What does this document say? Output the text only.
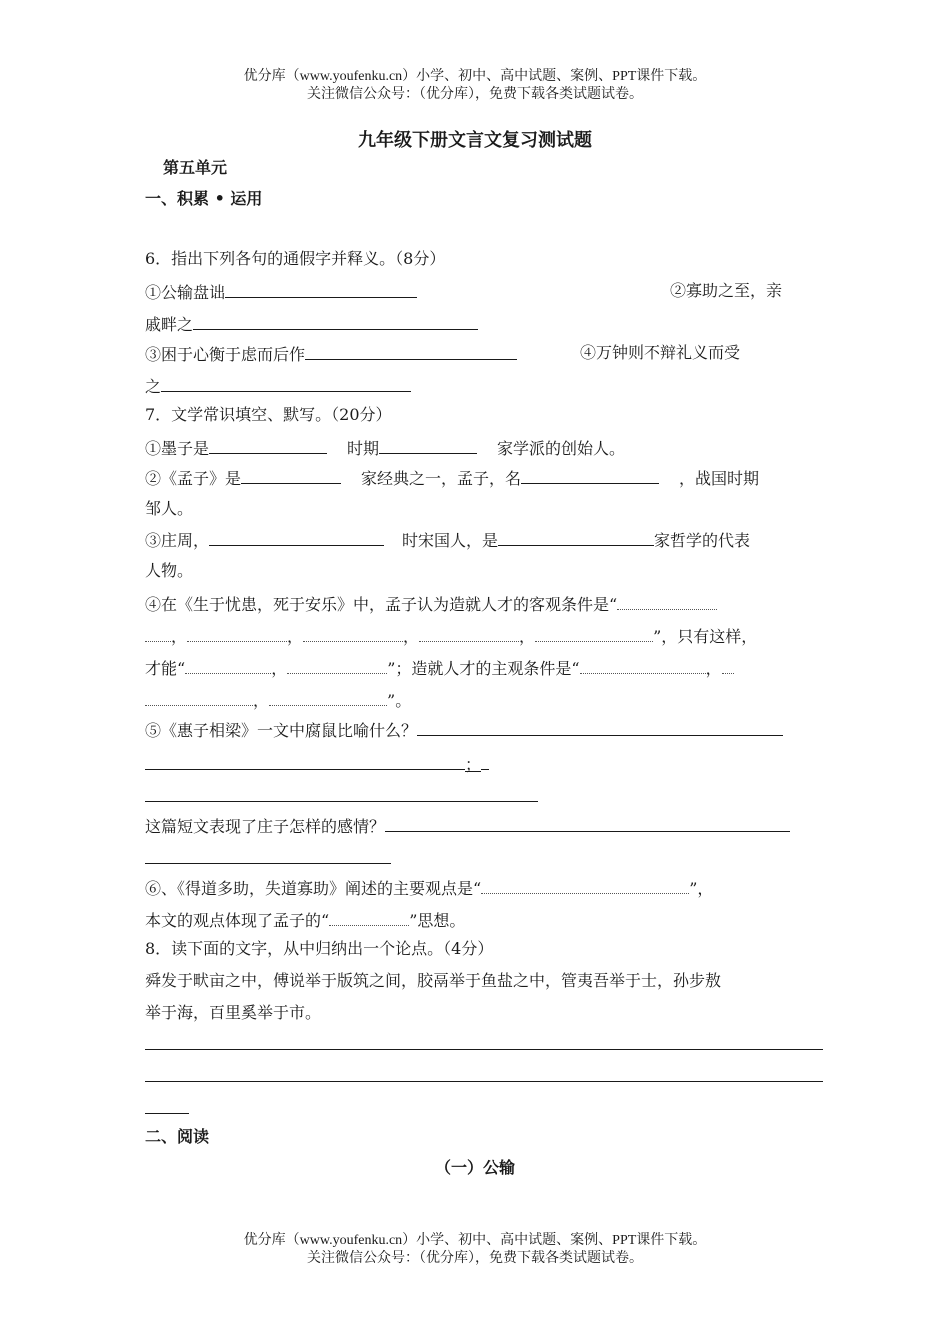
优分库（www.youfenku.cn）小学、初中、高中试题、案例、PPT课件下载。
关注微信公众号：（优分库），免费下载各类试题试卷。
九年级下册文言文复习测试题
第五单元
一、积累 • 运用
6．指出下列各句的通假字并释义。（8分）
①公输盘诎	②寡助之至，亲
戚畔之
③困于心衡于虑而后作	④万钟则不辩礼义而受
之
7．文学常识填空、默写。（20分）
①墨子是	时期	家学派的创始人。
②《孟子》是	家经典之一，孟子，名	，战国时期
邹人。
③庄周，	时宋国人，是	家哲学的代表
人物。
④在《生于忧患，死于安乐》中，孟子认为造就人才的客观条件是“
，	，	，	，	”，只有这样，
才能“	，	”；造就人才的主观条件是“	，
，	”。
⑤《惠子相梁》一文中腐鼠比喻什么？
；
这篇短文表现了庄子怎样的感情？
⑥、《得道多助，失道寡助》阐述的主要观点是“	”，
本文的观点体现了孟子的“	”思想。
8．读下面的文字，从中归纳出一个论点。（4分）
舜发于畎亩之中，傅说举于版筑之间，胶鬲举于鱼盐之中，管夷吾举于士，孙步敖
举于海，百里奚举于市。
二、阅读
（一）公输
优分库（www.youfenku.cn）小学、初中、高中试题、案例、PPT课件下载。
关注微信公众号：（优分库），免费下载各类试题试卷。
